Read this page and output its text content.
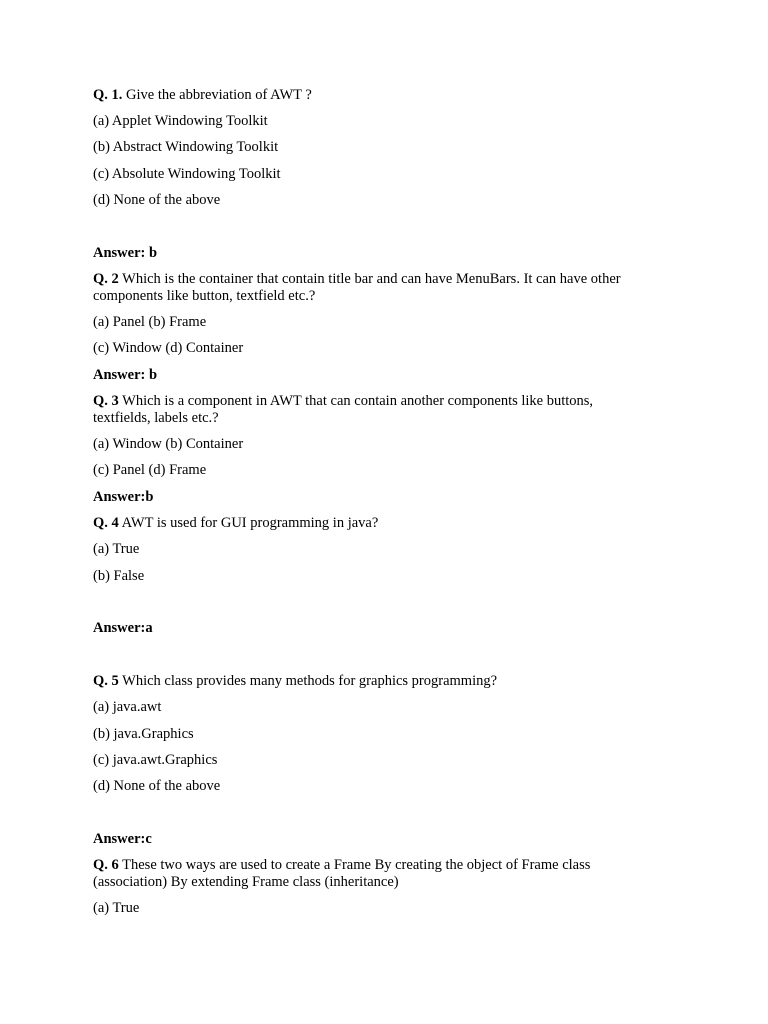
Q. 1. Give the abbreviation of AWT ?
(a) Applet Windowing Toolkit
(b) Abstract Windowing Toolkit
(c) Absolute Windowing Toolkit
(d) None of the above
Answer: b
Q. 2 Which is the container that contain title bar and can have MenuBars. It can have other components like button, textfield etc.?
(a) Panel (b) Frame
(c) Window (d) Container
Answer: b
Q. 3 Which is a component in AWT that can contain another components like buttons, textfields, labels etc.?
(a) Window (b) Container
(c) Panel (d) Frame
Answer:b
Q. 4 AWT is used for GUI programming in java?
(a) True
(b) False
Answer:a
Q. 5 Which class provides many methods for graphics programming?
(a) java.awt
(b) java.Graphics
(c) java.awt.Graphics
(d) None of the above
Answer:c
Q. 6 These two ways are used to create a Frame By creating the object of Frame class (association) By extending Frame class (inheritance)
(a) True
